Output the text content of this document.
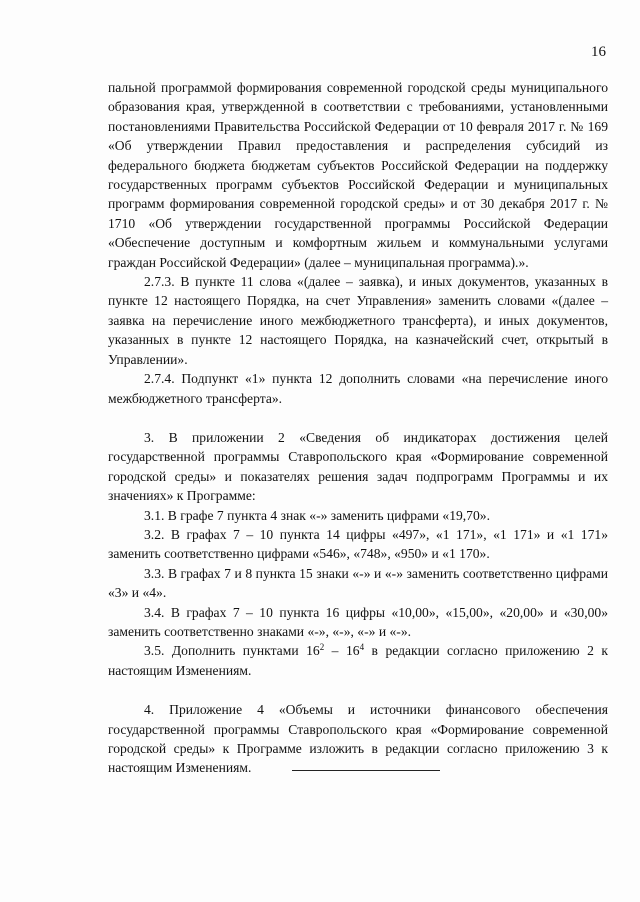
16

пальной программой формирования современной городской среды муниципального образования края, утвержденной в соответствии с требованиями, установленными постановлениями Правительства Российской Федерации от 10 февраля 2017 г. № 169 «Об утверждении Правил предоставления и распределения субсидий из федерального бюджета бюджетам субъектов Российской Федерации на поддержку государственных программ субъектов Российской Федерации и муниципальных программ формирования современной городской среды» и от 30 декабря 2017 г. № 1710 «Об утверждении государственной программы Российской Федерации «Обеспечение доступным и комфортным жильем и коммунальными услугами граждан Российской Федерации» (далее – муниципальная программа).».

2.7.3. В пункте 11 слова «(далее – заявка), и иных документов, указанных в пункте 12 настоящего Порядка, на счет Управления» заменить словами «(далее – заявка на перечисление иного межбюджетного трансферта), и иных документов, указанных в пункте 12 настоящего Порядка, на казначейский счет, открытый в Управлении».

2.7.4. Подпункт «1» пункта 12 дополнить словами «на перечисление иного межбюджетного трансферта».

3. В приложении 2 «Сведения об индикаторах достижения целей государственной программы Ставропольского края «Формирование современной городской среды» и показателях решения задач подпрограмм Программы и их значениях» к Программе:

3.1. В графе 7 пункта 4 знак «-» заменить цифрами «19,70».

3.2. В графах 7 – 10 пункта 14 цифры «497», «1 171», «1 171» и «1 171» заменить соответственно цифрами «546», «748», «950» и «1 170».

3.3. В графах 7 и 8 пункта 15 знаки «-» и «-» заменить соответственно цифрами «3» и «4».

3.4. В графах 7 – 10 пункта 16 цифры «10,00», «15,00», «20,00» и «30,00» заменить соответственно знаками «-», «-», «-» и «-».

3.5. Дополнить пунктами $16^2 - 16^4$ в редакции согласно приложению 2 к настоящим Изменениям.

4. Приложение 4 «Объемы и источники финансового обеспечения государственной программы Ставропольского края «Формирование современной городской среды» к Программе изложить в редакции согласно приложению 3 к настоящим Изменениям.
